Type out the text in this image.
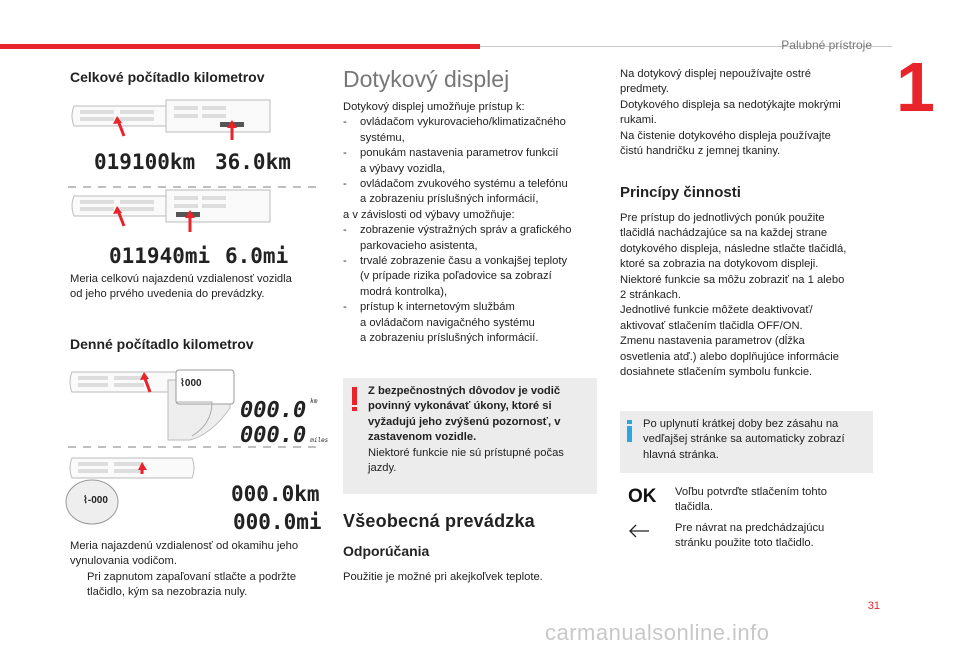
Palubné prístroje
1
Celkové počítadlo kilometrov
019100km 36.0km
011940mi 6.0mi
Meria celkovú najazdenú vzdialenosť vozidla
od jeho prvého uvedenia do prevádzky.
Denné počítadlo kilometrov
⌇000
000.0 $^{km}$
000.0 miles
000.0km
000.0mi
⌇-000
Meria najazdenú vzdialenosť od okamihu jeho
vynulovania vodičom.
Pri zapnutom zapaľovaní stlačte a podržte
tlačidlo, kým sa nezobrazia nuly.
Dotykový displej
Dotykový displej umožňuje prístup k:
- ovládačom vykurovacieho/klimatizačného
systému,
- ponukám nastavenia parametrov funkcií
a výbavy vozidla,
- ovládačom zvukového systému a telefónu
a zobrazeniu príslušných informácií,
a v závislosti od výbavy umožňuje:
- zobrazenie výstražných správ a grafického
parkovacieho asistenta,
- trvalé zobrazenie času a vonkajšej teploty
(v prípade rizika poľadovice sa zobrazí
modrá kontrolka),
- prístup k internetovým službám
a ovládačom navigačného systému
a zobrazeniu príslušných informácií.
Z bezpečnostných dôvodov je vodič
povinný vykonávať úkony, ktoré si
vyžadujú jeho zvýšenú pozornosť, v
zastavenom vozidle.
Niektoré funkcie nie sú prístupné počas
jazdy.
Všeobecná prevádzka
Odporúčania
Použitie je možné pri akejkoľvek teplote.
Na dotykový displej nepoužívajte ostré
predmety.
Dotykového displeja sa nedotýkajte mokrými
rukami.
Na čistenie dotykového displeja používajte
čistú handričku z jemnej tkaniny.
Princípy činnosti
Pre prístup do jednotlivých ponúk použite
tlačidlá nachádzajúce sa na každej strane
dotykového displeja, následne stlačte tlačidlá,
ktoré sa zobrazia na dotykovom displeji.
Niektoré funkcie sa môžu zobraziť na 1 alebo
2 stránkach.
Jednotlivé funkcie môžete deaktivovať/
aktivovať stlačením tlačidla OFF/ON.
Zmenu nastavenia parametrov (dĺžka
osvetlenia atď.) alebo doplňujúce informácie
dosiahnete stlačením symbolu funkcie.
Po uplynutí krátkej doby bez zásahu na
vedľajšej stránke sa automaticky zobrazí
hlavná stránka.
OK Voľbu potvrďte stlačením tohto
tlačidla.
Pre návrat na predchádzajúcu
stránku použite toto tlačidlo.
31
carmanualsonline.info
